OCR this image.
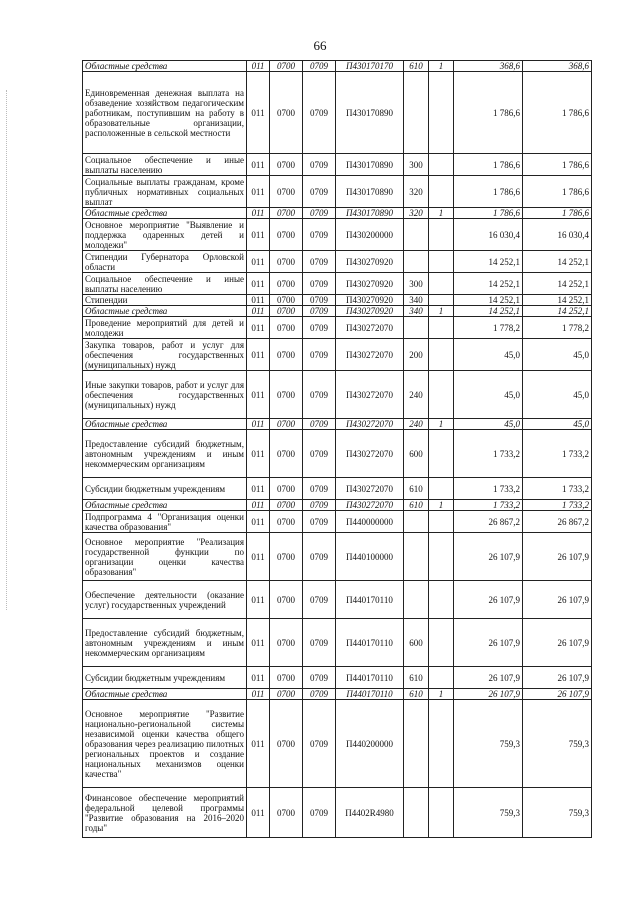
66
Областные средства	011	0700	0709	П430170170	610	1	368,6	368,6
Единовременная денежная выплата на обзаведение хозяйством педагогическим работникам, поступившим на работу в образовательные организации, расположенные в сельской местности	011	0700	0709	П430170890			1 786,6	1 786,6
Социальное обеспечение и иные выплаты населению	011	0700	0709	П430170890	300		1 786,6	1 786,6
Социальные выплаты гражданам, кроме публичных нормативных социальных выплат	011	0700	0709	П430170890	320		1 786,6	1 786,6
Областные средства	011	0700	0709	П430170890	320	1	1 786,6	1 786,6
Основное мероприятие "Выявление и поддержка одаренных детей и молодежи"	011	0700	0709	П430200000			16 030,4	16 030,4
Стипендии Губернатора Орловской области	011	0700	0709	П430270920			14 252,1	14 252,1
Социальное обеспечение и иные выплаты населению	011	0700	0709	П430270920	300		14 252,1	14 252,1
Стипендии	011	0700	0709	П430270920	340		14 252,1	14 252,1
Областные средства	011	0700	0709	П430270920	340	1	14 252,1	14 252,1
Проведение мероприятий для детей и молодежи	011	0700	0709	П430272070			1 778,2	1 778,2
Закупка товаров, работ и услуг для обеспечения государственных (муниципальных) нужд	011	0700	0709	П430272070	200		45,0	45,0
Иные закупки товаров, работ и услуг для обеспечения государственных (муниципальных) нужд	011	0700	0709	П430272070	240		45,0	45,0
Областные средства	011	0700	0709	П430272070	240	1	45,0	45,0
Предоставление субсидий бюджетным, автономным учреждениям и иным некоммерческим организациям	011	0700	0709	П430272070	600		1 733,2	1 733,2
Субсидии бюджетным учреждениям	011	0700	0709	П430272070	610		1 733,2	1 733,2
Областные средства	011	0700	0709	П430272070	610	1	1 733,2	1 733,2
Подпрограмма 4 "Организация оценки качества образования"	011	0700	0709	П440000000			26 867,2	26 867,2
Основное мероприятие "Реализация государственной функции по организации оценки качества образования"	011	0700	0709	П440100000			26 107,9	26 107,9
Обеспечение деятельности (оказание услуг) государственных учреждений	011	0700	0709	П440170110			26 107,9	26 107,9
Предоставление субсидий бюджетным, автономным учреждениям и иным некоммерческим организациям	011	0700	0709	П440170110	600		26 107,9	26 107,9
Субсидии бюджетным учреждениям	011	0700	0709	П440170110	610		26 107,9	26 107,9
Областные средства	011	0700	0709	П440170110	610	1	26 107,9	26 107,9
Основное мероприятие "Развитие национально-региональной системы независимой оценки качества общего образования через реализацию пилотных региональных проектов и создание национальных механизмов оценки качества"	011	0700	0709	П440200000			759,3	759,3
Финансовое обеспечение мероприятий федеральной целевой программы "Развитие образования на 2016–2020 годы"	011	0700	0709	П4402R4980			759,3	759,3
